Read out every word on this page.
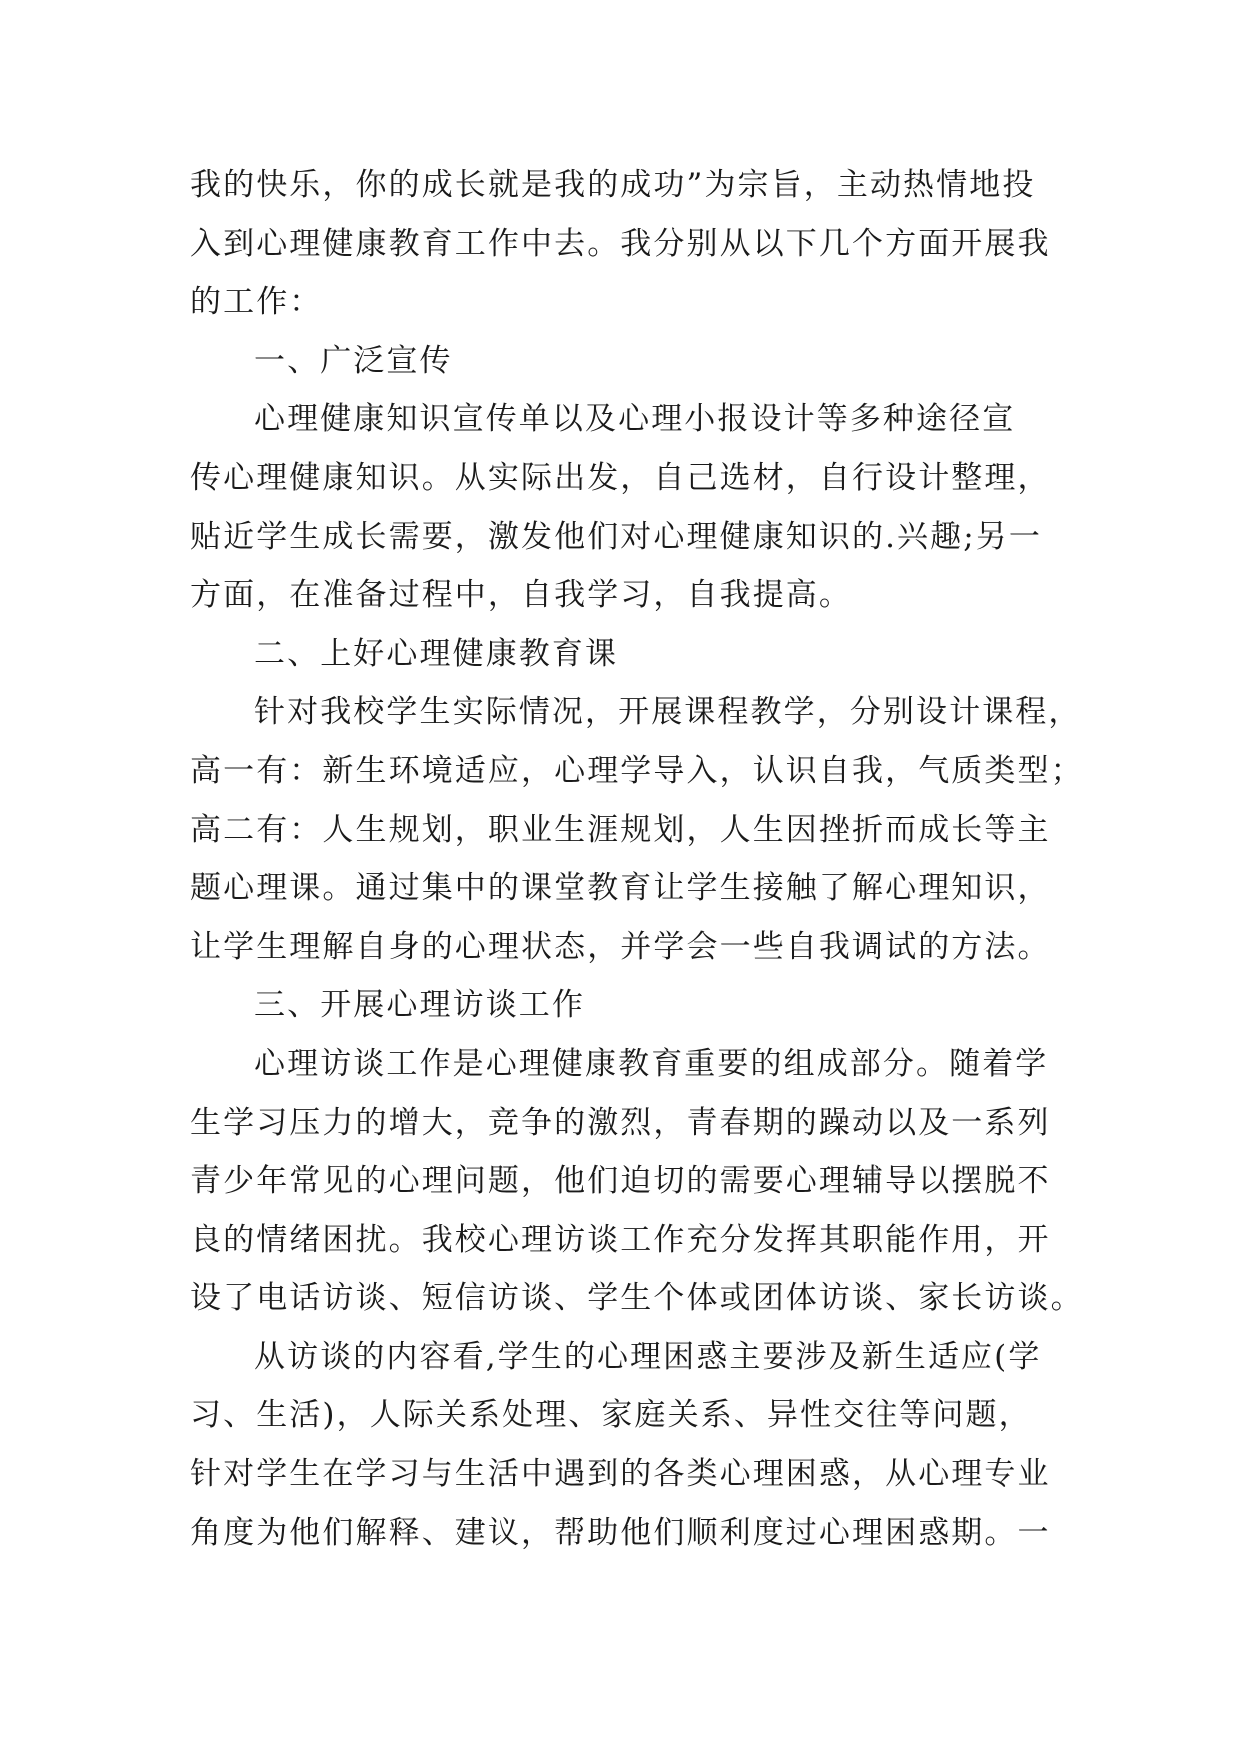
我的快乐，你的成长就是我的成功”为宗旨，主动热情地投
入到心理健康教育工作中去。我分别从以下几个方面开展我
的工作：
一、广泛宣传
心理健康知识宣传单以及心理小报设计等多种途径宣
传心理健康知识。从实际出发，自己选材，自行设计整理，
贴近学生成长需要，激发他们对心理健康知识的.兴趣;另一
方面，在准备过程中，自我学习，自我提高。
二、上好心理健康教育课
针对我校学生实际情况，开展课程教学，分别设计课程，
高一有：新生环境适应，心理学导入，认识自我，气质类型；
高二有：人生规划，职业生涯规划，人生因挫折而成长等主
题心理课。通过集中的课堂教育让学生接触了解心理知识，
让学生理解自身的心理状态，并学会一些自我调试的方法。
三、开展心理访谈工作
心理访谈工作是心理健康教育重要的组成部分。随着学
生学习压力的增大，竞争的激烈，青春期的躁动以及一系列
青少年常见的心理问题，他们迫切的需要心理辅导以摆脱不
良的情绪困扰。我校心理访谈工作充分发挥其职能作用，开
设了电话访谈、短信访谈、学生个体或团体访谈、家长访谈。
从访谈的内容看,学生的心理困惑主要涉及新生适应(学
习、生活)，人际关系处理、家庭关系、异性交往等问题，
针对学生在学习与生活中遇到的各类心理困惑，从心理专业
角度为他们解释、建议，帮助他们顺利度过心理困惑期。一
